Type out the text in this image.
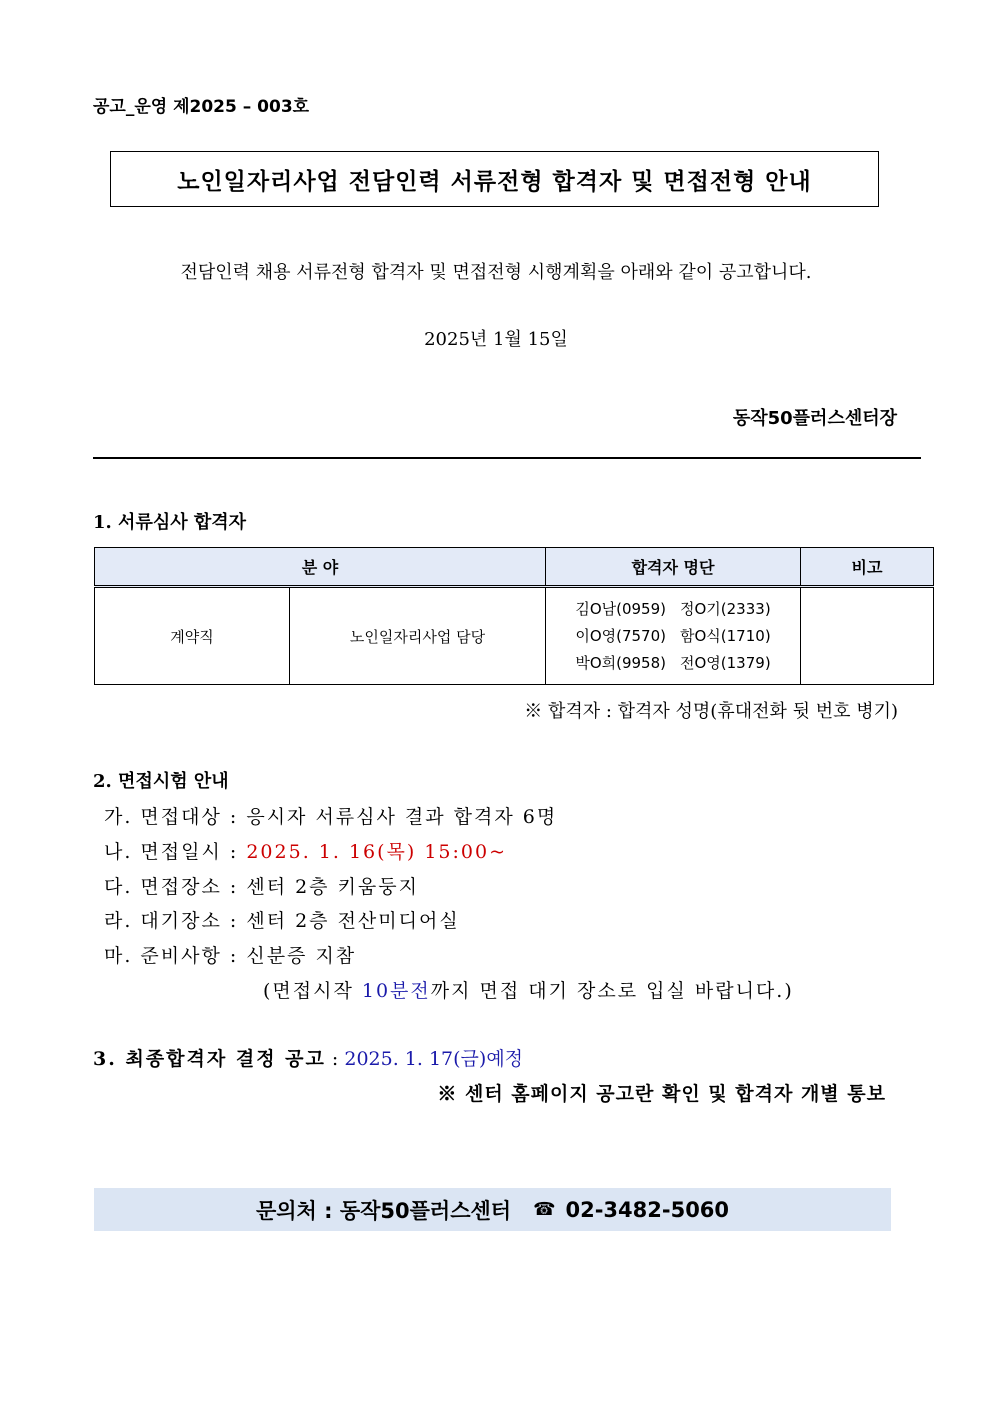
공고_운영 제2025 – 003호
노인일자리사업 전담인력 서류전형 합격자 및 면접전형 안내
전담인력 채용 서류전형 합격자 및 면접전형 시행계획을 아래와 같이 공고합니다.
2025년 1월 15일
동작50플러스센터장
1. 서류심사 합격자
분 야		합격자 명단	비고
계약직	노인일자리사업 담당	김O남(0959) 정O기(2333)
이O영(7570) 함O식(1710)
박O희(9958) 전O영(1379)	

※ 합격자 : 합격자 성명(휴대전화 뒷 번호 병기)
2. 면접시험 안내
가. 면접대상 : 응시자 서류심사 결과 합격자 6명
나. 면접일시 : 2025. 1. 16(목) 15:00~
다. 면접장소 : 센터 2층 키움둥지
라. 대기장소 : 센터 2층 전산미디어실
마. 준비사항 : 신분증 지참
(면접시작 10분전까지 면접 대기 장소로 입실 바랍니다.)
3. 최종합격자 결정 공고 : 2025. 1. 17(금)예정
※ 센터 홈페이지 공고란 확인 및 합격자 개별 통보
문의처 : 동작50플러스센터 ☎ 02-3482-5060
